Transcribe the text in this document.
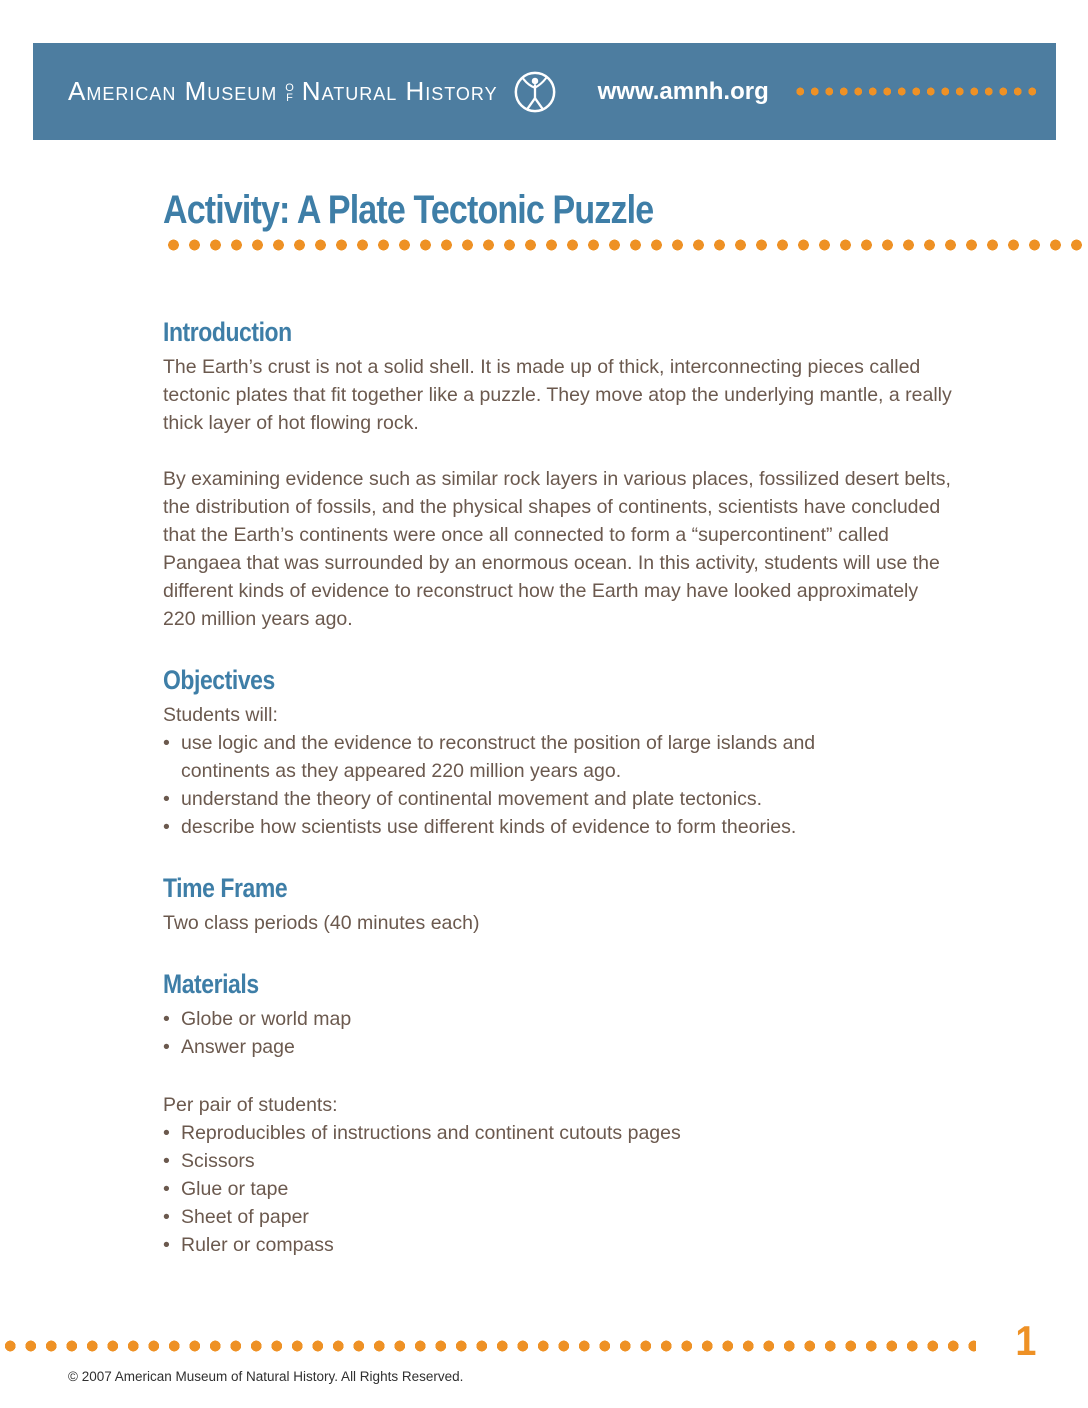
American Museum O
F Natural History	www.amnh.org
Activity: A Plate Tectonic Puzzle
Introduction

The Earth’s crust is not a solid shell. It is made up of thick, interconnecting pieces called tectonic plates that fit together like a puzzle. They move atop the underlying mantle, a really thick layer of hot flowing rock.

By examining evidence such as similar rock layers in various places, fossilized desert belts, the distribution of fossils, and the physical shapes of continents, scientists have concluded that the Earth’s continents were once all connected to form a “supercontinent” called Pangaea that was surrounded by an enormous ocean. In this activity, students will use the different kinds of evidence to reconstruct how the Earth may have looked approximately 220 million years ago.

Objectives

Students will:

• use logic and the evidence to reconstruct the position of large islands and continents as they appeared 220 million years ago.
• understand the theory of continental movement and plate tectonics.
• describe how scientists use different kinds of evidence to form theories.
Time Frame

Two class periods (40 minutes each)

Materials
• Globe or world map
• Answer page

Per pair of students:

• Reproducibles of instructions and continent cutouts pages
• Scissors
• Glue or tape
• Sheet of paper
• Ruler or compass
1
© 2007 American Museum of Natural History. All Rights Reserved.
